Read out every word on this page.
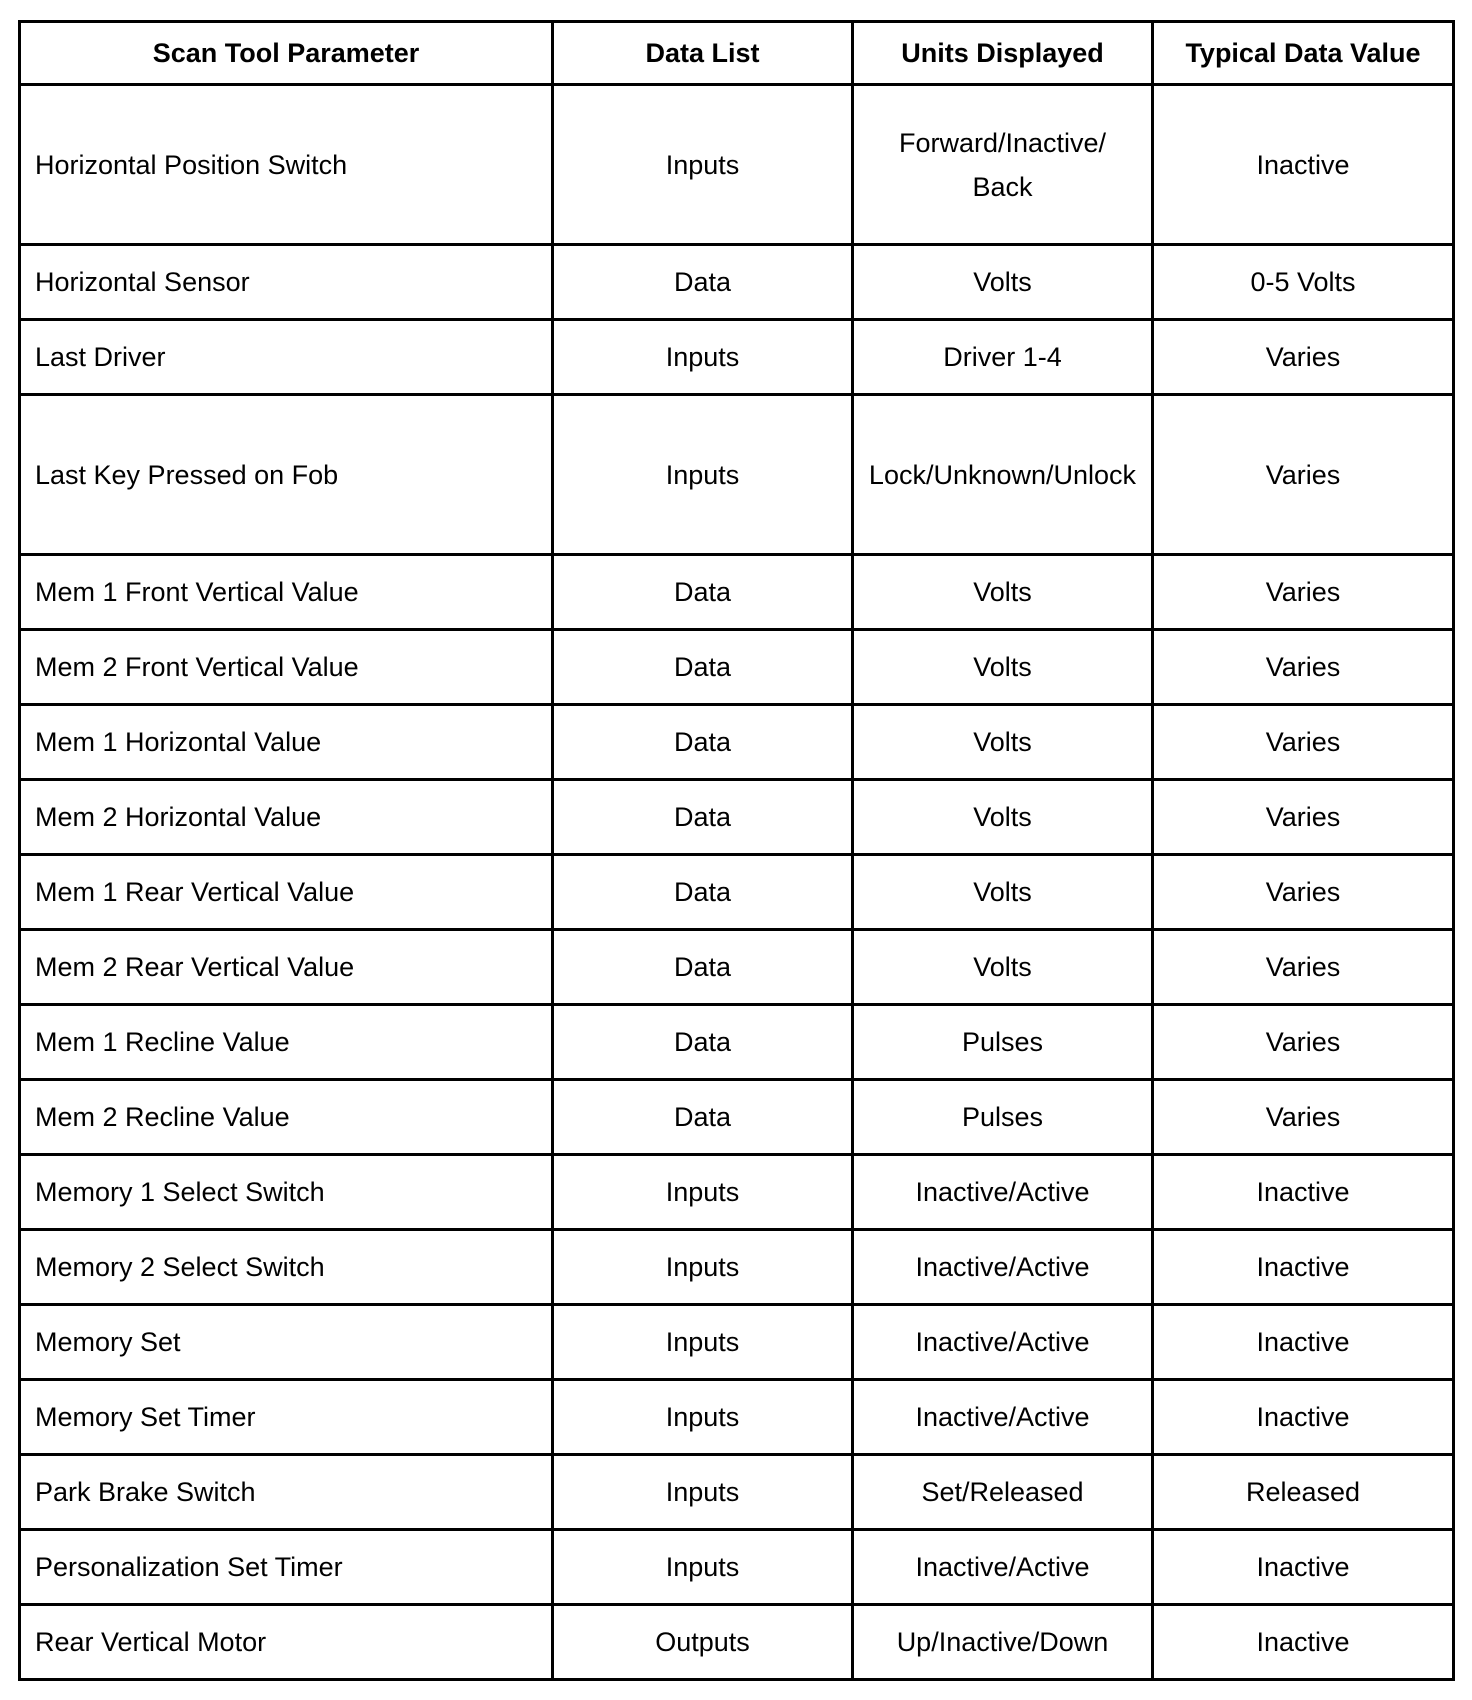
Scan Tool Parameter	Data List	Units Displayed	Typical Data Value
Horizontal Position Switch	Inputs	Forward/Inactive/ Back	Inactive
Horizontal Sensor	Data	Volts	0-5 Volts
Last Driver	Inputs	Driver 1-4	Varies
Last Key Pressed on Fob	Inputs	Lock/Unknown/Unlock	Varies
Mem 1 Front Vertical Value	Data	Volts	Varies
Mem 2 Front Vertical Value	Data	Volts	Varies
Mem 1 Horizontal Value	Data	Volts	Varies
Mem 2 Horizontal Value	Data	Volts	Varies
Mem 1 Rear Vertical Value	Data	Volts	Varies
Mem 2 Rear Vertical Value	Data	Volts	Varies
Mem 1 Recline Value	Data	Pulses	Varies
Mem 2 Recline Value	Data	Pulses	Varies
Memory 1 Select Switch	Inputs	Inactive/Active	Inactive
Memory 2 Select Switch	Inputs	Inactive/Active	Inactive
Memory Set	Inputs	Inactive/Active	Inactive
Memory Set Timer	Inputs	Inactive/Active	Inactive
Park Brake Switch	Inputs	Set/Released	Released
Personalization Set Timer	Inputs	Inactive/Active	Inactive
Rear Vertical Motor	Outputs	Up/Inactive/Down	Inactive
